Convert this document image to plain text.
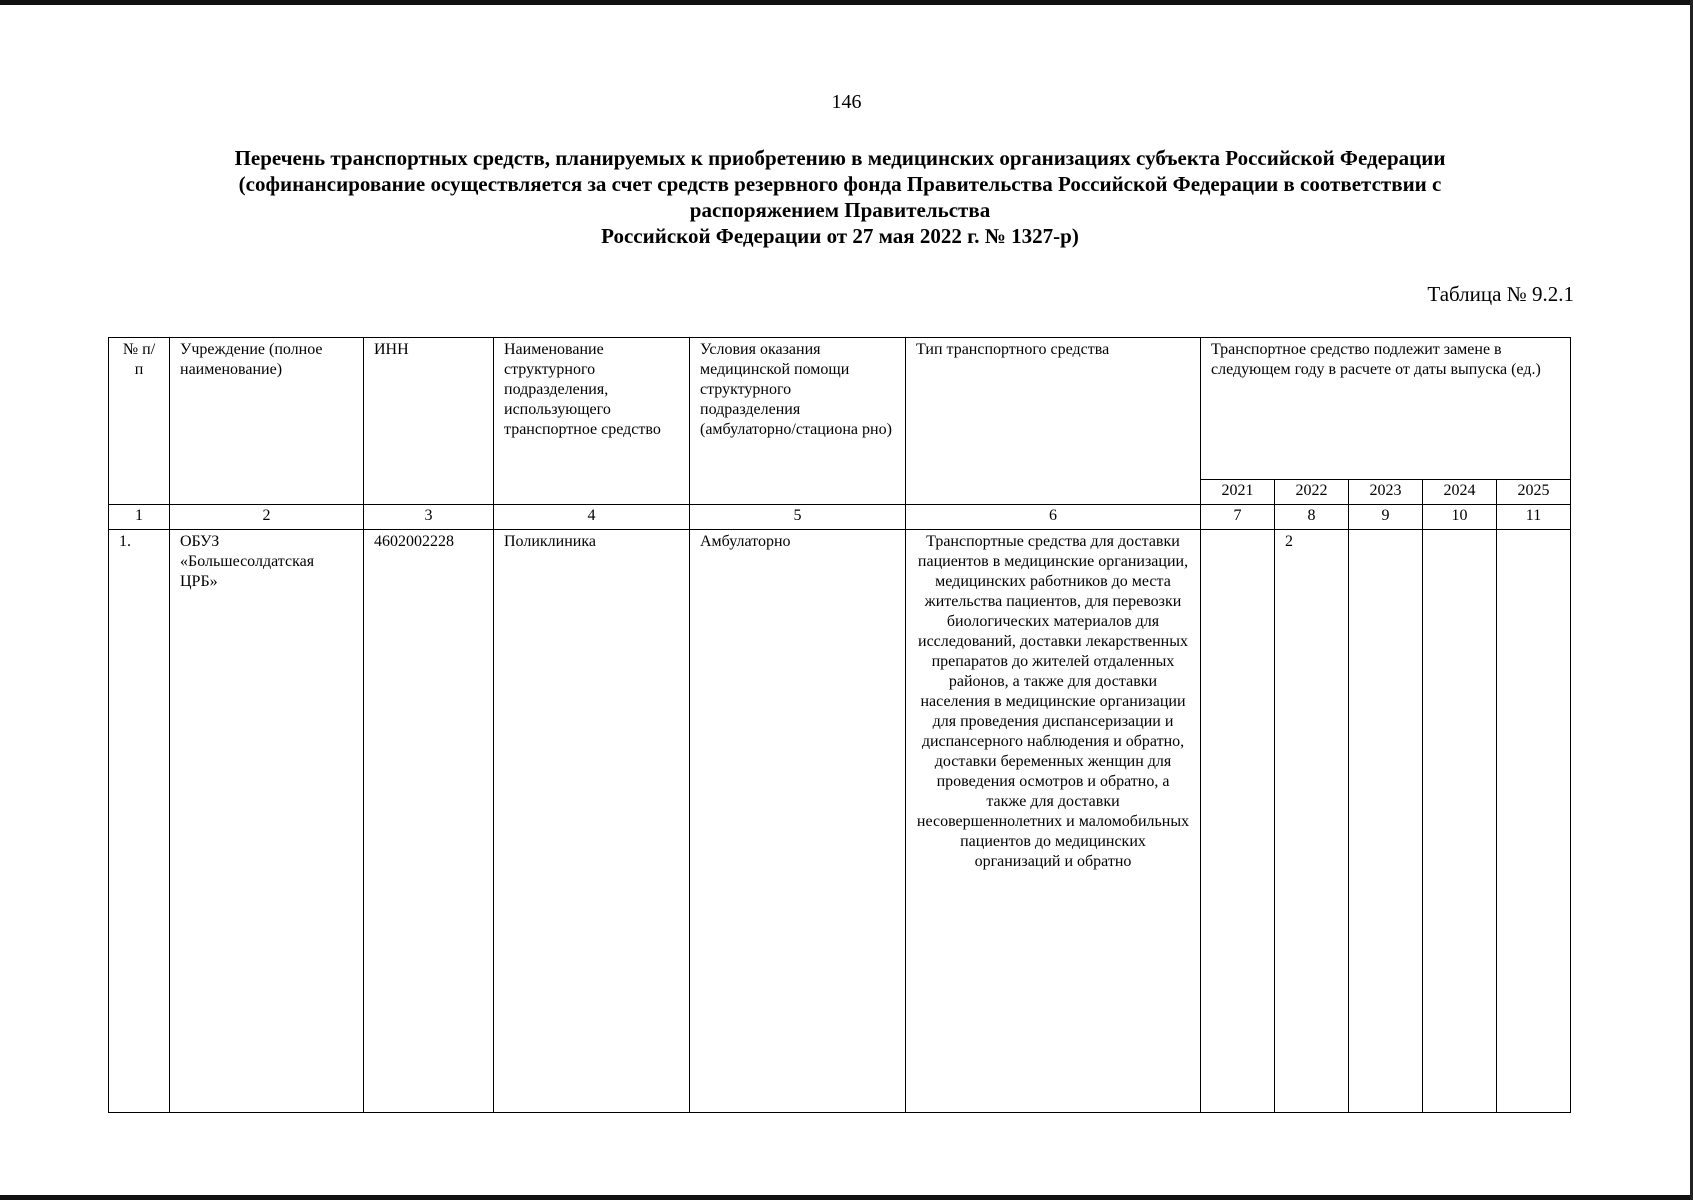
146
Перечень транспортных средств, планируемых к приобретению в медицинских организациях субъекта Российской Федерации
(софинансирование осуществляется за счет средств резервного фонда Правительства Российской Федерации в соответствии с
распоряжением Правительства
Российской Федерации от 27 мая 2022 г. № 1327-р)
Таблица № 9.2.1
№ п/п	Учреждение (полное наименование)	ИНН	Наименование структурного подразделения, использующего транспортное средство	Условия оказания медицинской помощи структурного подразделения (амбулаторно/стациона рно)	Тип транспортного средства	Транспортное средство подлежит замене в следующем году в расчете от даты выпуска (ед.)				
						2021	2022	2023	2024	2025
1	2	3	4	5	6	7	8	9	10	11
1.	ОБУЗ «Большесолдатская ЦРБ»	4602002228	Поликлиника	Амбулаторно	Транспортные средства для доставки пациентов в медицинские организации, медицинских работников до места жительства пациентов, для перевозки биологических материалов для исследований, доставки лекарственных препаратов до жителей отдаленных районов, а также для доставки населения в медицинские организации для проведения диспансеризации и диспансерного наблюдения и обратно, доставки беременных женщин для проведения осмотров и обратно, а также для доставки несовершеннолетних и маломобильных пациентов до медицинских организаций и обратно		2			
